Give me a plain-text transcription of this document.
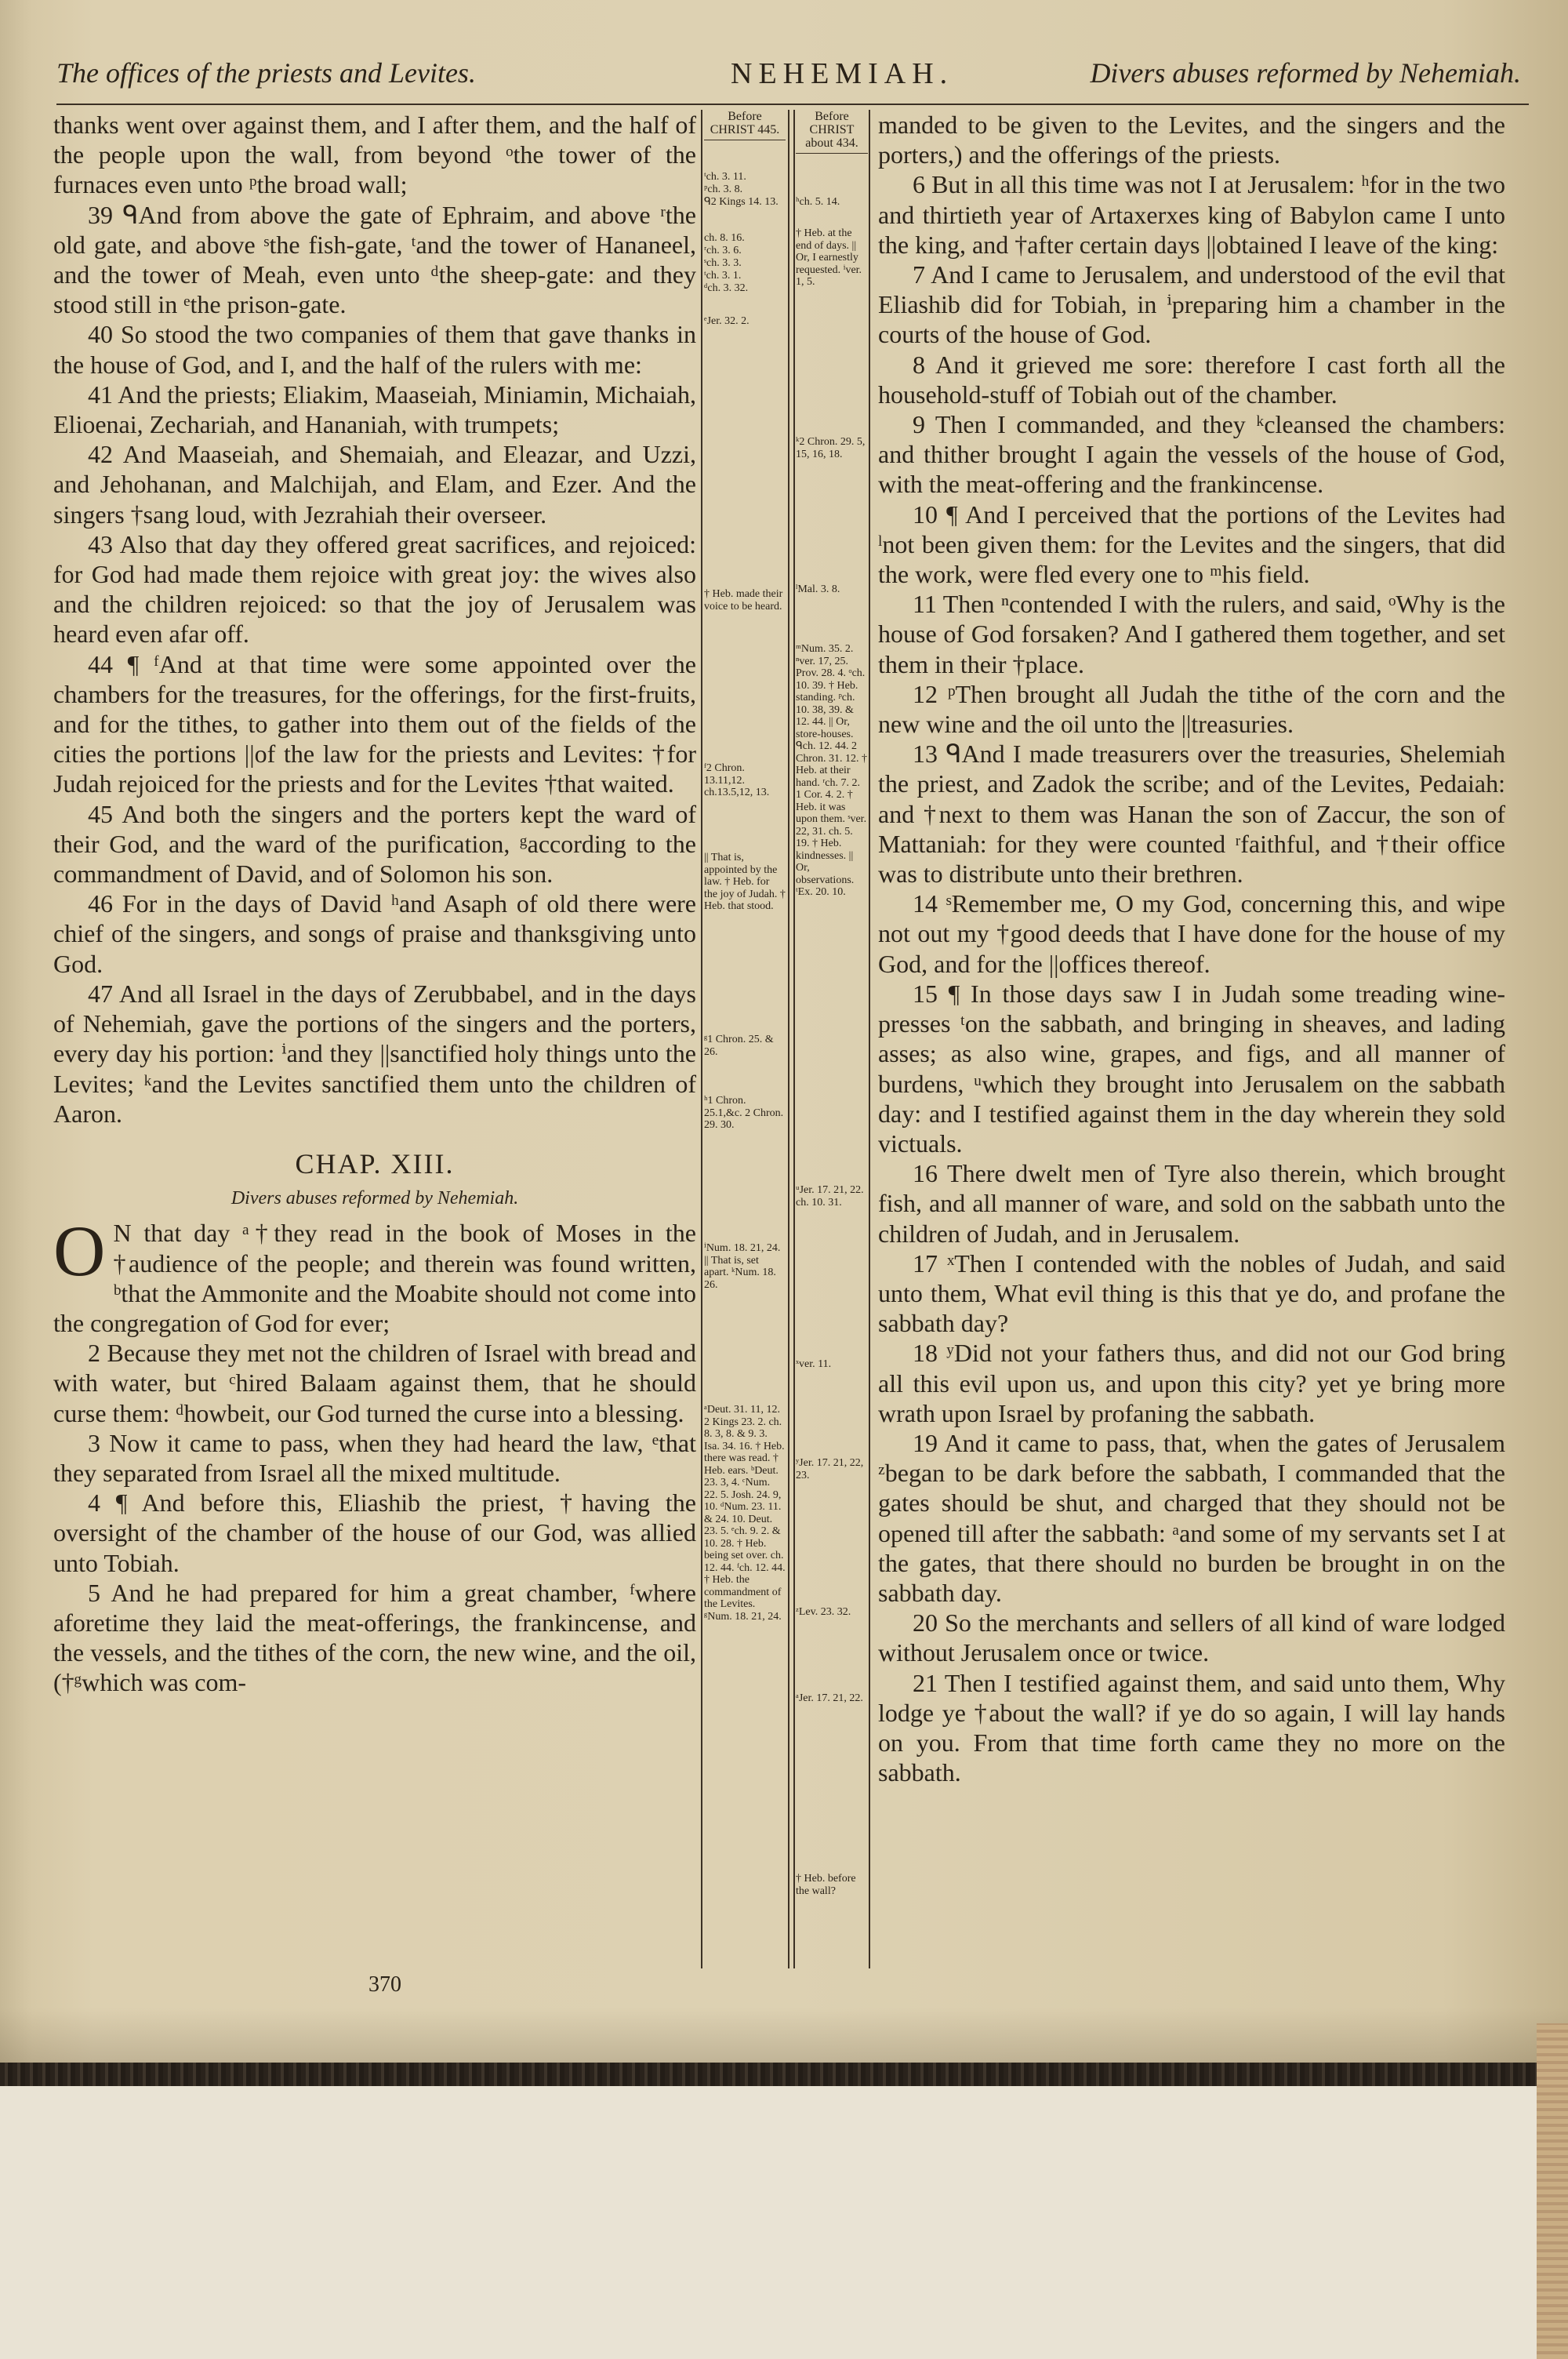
The offices of the priests and Levites.	NEHEMIAH.	Divers abuses reformed by Nehemiah.

thanks went over against them, and I after them, and the half of the people upon the wall, from beyond ᵒthe tower of the furnaces even unto ᵖthe broad wall;

39 ᑫAnd from above the gate of Ephraim, and above ʳthe old gate, and above ˢthe fish-gate, ᵗand the tower of Hananeel, and the tower of Meah, even unto ᵈthe sheep-gate: and they stood still in ᵉthe prison-gate.

40 So stood the two companies of them that gave thanks in the house of God, and I, and the half of the rulers with me:

41 And the priests; Eliakim, Maaseiah, Miniamin, Michaiah, Elioenai, Zechariah, and Hananiah, with trumpets;

42 And Maaseiah, and Shemaiah, and Eleazar, and Uzzi, and Jehohanan, and Malchijah, and Elam, and Ezer. And the singers †sang loud, with Jezrahiah their overseer.

43 Also that day they offered great sacrifices, and rejoiced: for God had made them rejoice with great joy: the wives also and the children rejoiced: so that the joy of Jerusalem was heard even afar off.

44 ¶ ᶠAnd at that time were some appointed over the chambers for the treasures, for the offerings, for the first-fruits, and for the tithes, to gather into them out of the fields of the cities the portions ||of the law for the priests and Levites: †for Judah rejoiced for the priests and for the Levites †that waited.

45 And both the singers and the porters kept the ward of their God, and the ward of the purification, ᵍaccording to the commandment of David, and of Solomon his son.

46 For in the days of David ʰand Asaph of old there were chief of the singers, and songs of praise and thanksgiving unto God.

47 And all Israel in the days of Zerubbabel, and in the days of Nehemiah, gave the portions of the singers and the porters, every day his portion: ⁱand they ||sanctified holy things unto the Levites; ᵏand the Levites sanctified them unto the children of Aaron.

CHAP. XIII.
Divers abuses reformed by Nehemiah.

O N that day ᵃ†they read in the book of Moses in the †audience of the people; and therein was found written, ᵇthat the Ammonite and the Moabite should not come into the congregation of God for ever;

2 Because they met not the children of Israel with bread and with water, but ᶜhired Balaam against them, that he should curse them: ᵈhowbeit, our God turned the curse into a blessing.

3 Now it came to pass, when they had heard the law, ᵉthat they separated from Israel all the mixed multitude.

4 ¶ And before this, Eliashib the priest, †having the oversight of the chamber of the house of our God, was allied unto Tobiah.

5 And he had prepared for him a great chamber, ᶠwhere aforetime they laid the meat-offerings, the frankincense, and the vessels, and the tithes of the corn, the new wine, and the oil, (†ᵍwhich was com-

Before CHRIST 445.
ᵗch. 3. 11.
ᵖch. 3. 8.
ᑫ2 Kings 14. 13.
ch. 8. 16.
ʳch. 3. 6.
ˢch. 3. 3.
ᵗch. 3. 1.
ᵈch. 3. 32.
ᵉJer. 32. 2.
† Heb. made their voice to be heard.
ᶠ2 Chron. 13.11,12. ch.13.5,12, 13.
|| That is, appointed by the law. † Heb. for the joy of Judah. † Heb. that stood.
ᵍ1 Chron. 25. & 26.
ʰ1 Chron. 25.1,&c. 2 Chron. 29. 30.
ⁱNum. 18. 21, 24. || That is, set apart. ᵏNum. 18. 26.
ᵃDeut. 31. 11, 12. 2 Kings 23. 2. ch. 8. 3, 8. & 9. 3. Isa. 34. 16. † Heb. there was read. † Heb. ears. ᵇDeut. 23. 3, 4. ᶜNum. 22. 5. Josh. 24. 9, 10. ᵈNum. 23. 11. & 24. 10. Deut. 23. 5. ᵉch. 9. 2. & 10. 28. † Heb. being set over. ch. 12. 44. ᶠch. 12. 44. † Heb. the commandment of the Levites. ᵍNum. 18. 21, 24.
Before CHRIST about 434.
ʰch. 5. 14.
† Heb. at the end of days. || Or, I earnestly requested. ⁱver. 1, 5.
ᵏ2 Chron. 29. 5, 15, 16, 18.
ˡMal. 3. 8.
ᵐNum. 35. 2. ⁿver. 17, 25. Prov. 28. 4. ᵒch. 10. 39. † Heb. standing. ᵖch. 10. 38, 39. & 12. 44. || Or, store-houses. ᑫch. 12. 44. 2 Chron. 31. 12. † Heb. at their hand. ʳch. 7. 2. 1 Cor. 4. 2. † Heb. it was upon them. ˢver. 22, 31. ch. 5. 19. † Heb. kindnesses. || Or, observations. ᵗEx. 20. 10.
ᵘJer. 17. 21, 22. ch. 10. 31.
ˣver. 11.
ʸJer. 17. 21, 22, 23.
ᶻLev. 23. 32.
ᵃJer. 17. 21, 22.
† Heb. before the wall?

manded to be given to the Levites, and the singers and the porters,) and the offerings of the priests.

6 But in all this time was not I at Jerusalem: ʰfor in the two and thirtieth year of Artaxerxes king of Babylon came I unto the king, and †after certain days ||obtained I leave of the king:

7 And I came to Jerusalem, and understood of the evil that Eliashib did for Tobiah, in ⁱpreparing him a chamber in the courts of the house of God.

8 And it grieved me sore: therefore I cast forth all the household-stuff of Tobiah out of the chamber.

9 Then I commanded, and they ᵏcleansed the chambers: and thither brought I again the vessels of the house of God, with the meat-offering and the frankincense.

10 ¶ And I perceived that the portions of the Levites had ˡnot been given them: for the Levites and the singers, that did the work, were fled every one to ᵐhis field.

11 Then ⁿcontended I with the rulers, and said, ᵒWhy is the house of God forsaken? And I gathered them together, and set them in their †place.

12 ᵖThen brought all Judah the tithe of the corn and the new wine and the oil unto the ||treasuries.

13 ᑫAnd I made treasurers over the treasuries, Shelemiah the priest, and Zadok the scribe; and of the Levites, Pedaiah: and †next to them was Hanan the son of Zaccur, the son of Mattaniah: for they were counted ʳfaithful, and †their office was to distribute unto their brethren.

14 ˢRemember me, O my God, concerning this, and wipe not out my †good deeds that I have done for the house of my God, and for the ||offices thereof.

15 ¶ In those days saw I in Judah some treading wine-presses ᵗon the sabbath, and bringing in sheaves, and lading asses; as also wine, grapes, and figs, and all manner of burdens, ᵘwhich they brought into Jerusalem on the sabbath day: and I testified against them in the day wherein they sold victuals.

16 There dwelt men of Tyre also therein, which brought fish, and all manner of ware, and sold on the sabbath unto the children of Judah, and in Jerusalem.

17 ˣThen I contended with the nobles of Judah, and said unto them, What evil thing is this that ye do, and profane the sabbath day?

18 ʸDid not your fathers thus, and did not our God bring all this evil upon us, and upon this city? yet ye bring more wrath upon Israel by profaning the sabbath.

19 And it came to pass, that, when the gates of Jerusalem ᶻbegan to be dark before the sabbath, I commanded that the gates should be shut, and charged that they should not be opened till after the sabbath: ᵃand some of my servants set I at the gates, that there should no burden be brought in on the sabbath day.

20 So the merchants and sellers of all kind of ware lodged without Jerusalem once or twice.

21 Then I testified against them, and said unto them, Why lodge ye †about the wall? if ye do so again, I will lay hands on you. From that time forth came they no more on the sabbath.

370
